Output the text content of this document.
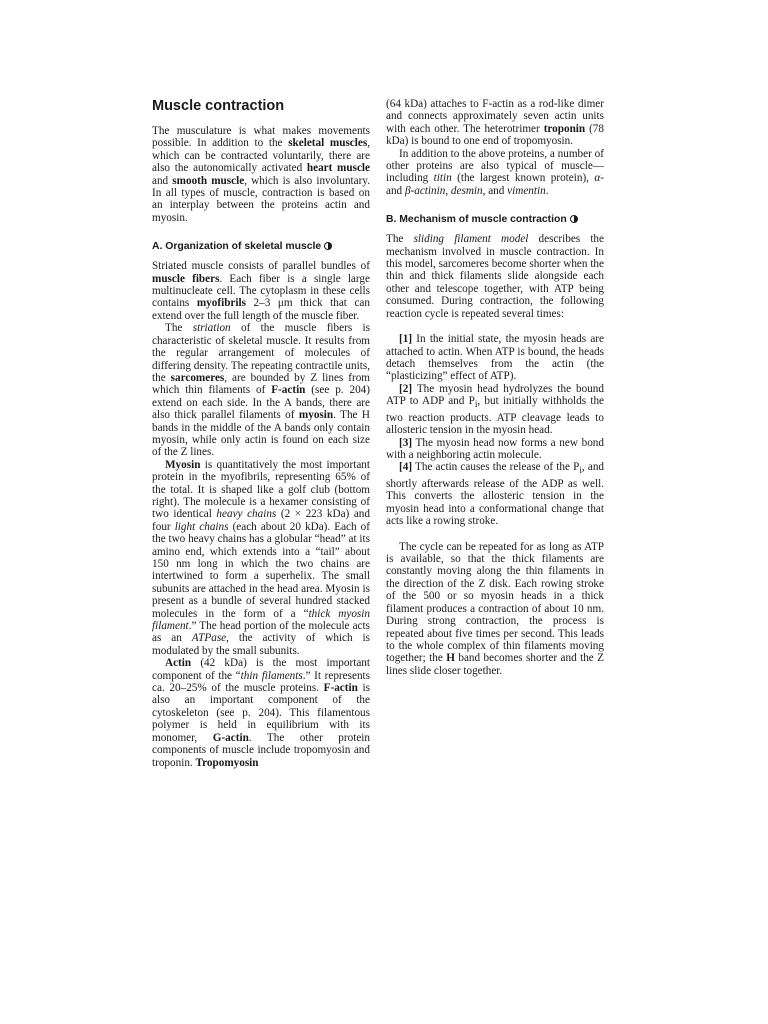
Muscle contraction

The musculature is what makes movements possible. In addition to the skeletal muscles, which can be contracted voluntarily, there are also the autonomically activated heart muscle and smooth muscle, which is also involuntary. In all types of muscle, contraction is based on an interplay between the proteins actin and myosin.

A. Organization of skeletal muscle

Striated muscle consists of parallel bundles of muscle fibers. Each fiber is a single large multinucleate cell. The cytoplasm in these cells contains myofibrils 2–3 μm thick that can extend over the full length of the muscle fiber.

The striation of the muscle fibers is characteristic of skeletal muscle. It results from the regular arrangement of molecules of differing density. The repeating contractile units, the sarcomeres, are bounded by Z lines from which thin filaments of F-actin (see p. 204) extend on each side. In the A bands, there are also thick parallel filaments of myosin. The H bands in the middle of the A bands only contain myosin, while only actin is found on each size of the Z lines.

Myosin is quantitatively the most important protein in the myofibrils, representing 65% of the total. It is shaped like a golf club (bottom right). The molecule is a hexamer consisting of two identical heavy chains (2 × 223 kDa) and four light chains (each about 20 kDa). Each of the two heavy chains has a globular “head” at its amino end, which extends into a “tail” about 150 nm long in which the two chains are intertwined to form a superhelix. The small subunits are attached in the head area. Myosin is present as a bundle of several hundred stacked molecules in the form of a “thick myosin filament.” The head portion of the molecule acts as an ATPase, the activity of which is modulated by the small subunits.

Actin (42 kDa) is the most important component of the “thin filaments.” It represents ca. 20–25% of the muscle proteins. F-actin is also an important component of the cytoskeleton (see p. 204). This filamentous polymer is held in equilibrium with its monomer, G-actin. The other protein components of muscle include tropomyosin and troponin. Tropomyosin

(64 kDa) attaches to F-actin as a rod-like dimer and connects approximately seven actin units with each other. The heterotrimer troponin (78 kDa) is bound to one end of tropomyosin.

In addition to the above proteins, a number of other proteins are also typical of muscle—including titin (the largest known protein), α- and β-actinin, desmin, and vimentin.

B. Mechanism of muscle contraction

The sliding filament model describes the mechanism involved in muscle contraction. In this model, sarcomeres become shorter when the thin and thick filaments slide alongside each other and telescope together, with ATP being consumed. During contraction, the following reaction cycle is repeated several times:

[1] In the initial state, the myosin heads are attached to actin. When ATP is bound, the heads detach themselves from the actin (the “plasticizing” effect of ATP).

[2] The myosin head hydrolyzes the bound ATP to ADP and $P_i$, but initially withholds the two reaction products. ATP cleavage leads to allosteric tension in the myosin head.

[3] The myosin head now forms a new bond with a neighboring actin molecule.

[4] The actin causes the release of the $P_i$, and shortly afterwards release of the ADP as well. This converts the allosteric tension in the myosin head into a conformational change that acts like a rowing stroke.

The cycle can be repeated for as long as ATP is available, so that the thick filaments are constantly moving along the thin filaments in the direction of the Z disk. Each rowing stroke of the 500 or so myosin heads in a thick filament produces a contraction of about 10 nm. During strong contraction, the process is repeated about five times per second. This leads to the whole complex of thin filaments moving together; the H band becomes shorter and the Z lines slide closer together.
